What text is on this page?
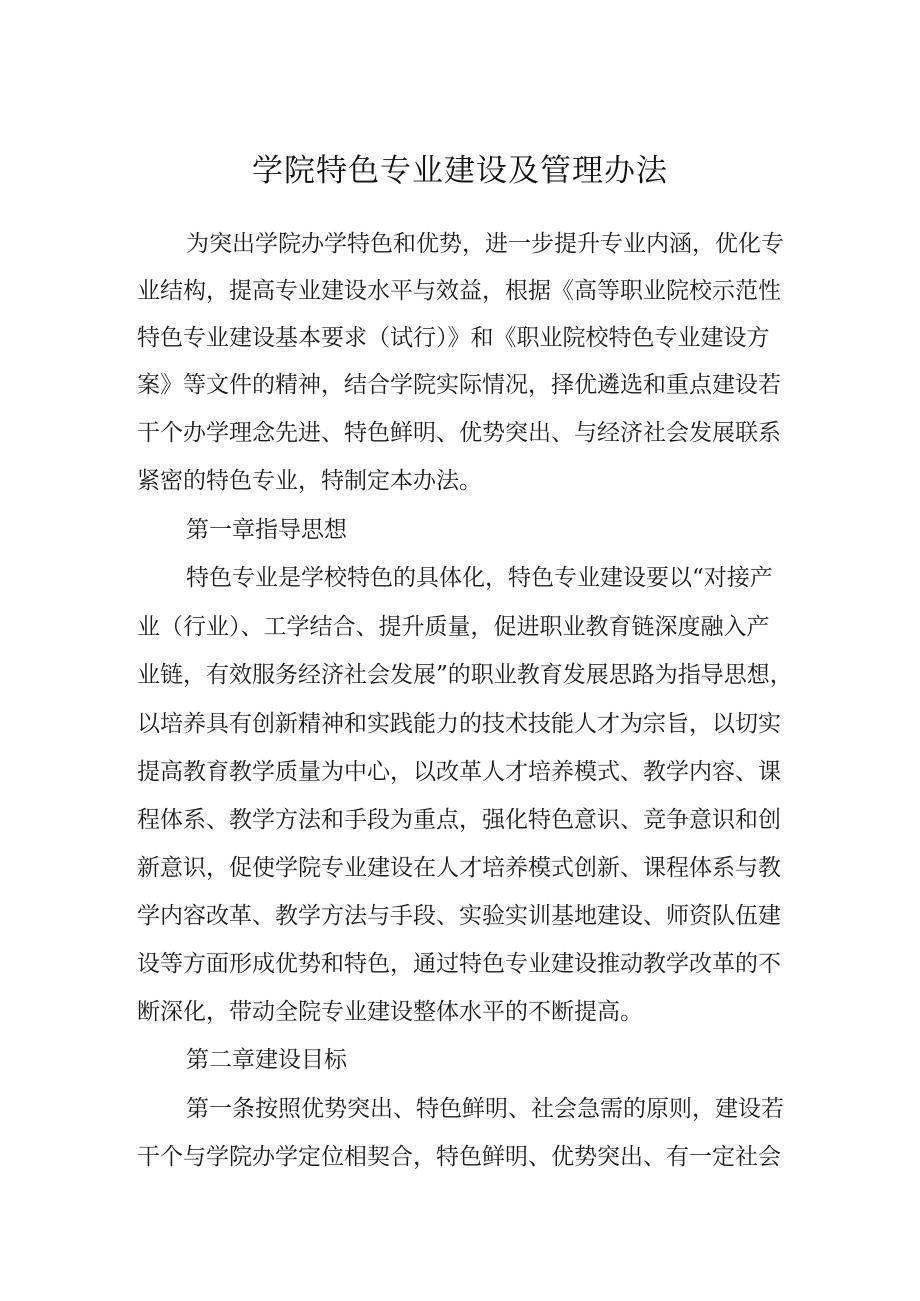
学院特色专业建设及管理办法
为突出学院办学特色和优势，进一步提升专业内涵，优化专
业结构，提高专业建设水平与效益，根据《高等职业院校示范性
特色专业建设基本要求（试行）》和《职业院校特色专业建设方
案》等文件的精神，结合学院实际情况，择优遴选和重点建设若
干个办学理念先进、特色鲜明、优势突出、与经济社会发展联系
紧密的特色专业，特制定本办法。
第一章指导思想
特色专业是学校特色的具体化，特色专业建设要以“对接产
业（行业）、工学结合、提升质量，促进职业教育链深度融入产
业链，有效服务经济社会发展”的职业教育发展思路为指导思想，
以培养具有创新精神和实践能力的技术技能人才为宗旨，以切实
提高教育教学质量为中心，以改革人才培养模式、教学内容、课
程体系、教学方法和手段为重点，强化特色意识、竞争意识和创
新意识，促使学院专业建设在人才培养模式创新、课程体系与教
学内容改革、教学方法与手段、实验实训基地建设、师资队伍建
设等方面形成优势和特色，通过特色专业建设推动教学改革的不
断深化，带动全院专业建设整体水平的不断提高。
第二章建设目标
第一条按照优势突出、特色鲜明、社会急需的原则，建设若
干个与学院办学定位相契合，特色鲜明、优势突出、有一定社会
